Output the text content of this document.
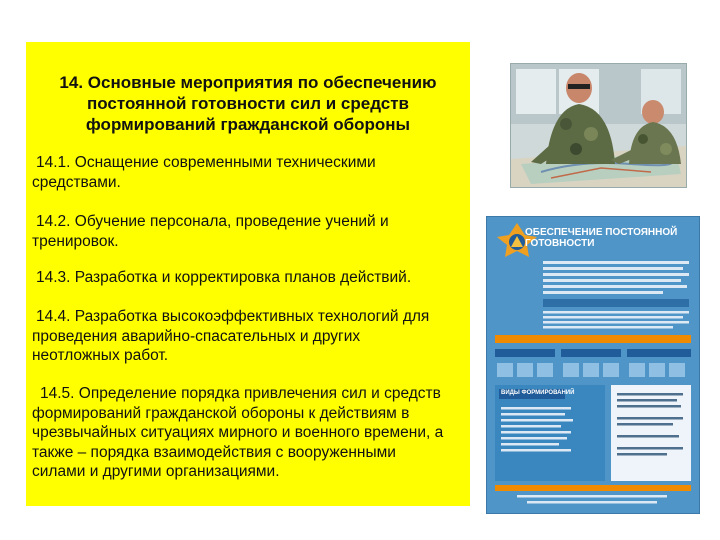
14. Основные мероприятия по обеспечению
постоянной готовности сил и средств
формирований гражданской обороны
14.1. Оснащение современными техническими
средствами.
14.2. Обучение персонала, проведение учений и
тренировок.
14.3. Разработка и корректировка планов действий.
14.4. Разработка высокоэффективных технологий для
проведения аварийно-спасательных и других
неотложных работ.
14.5. Определение порядка привлечения сил и средств
формирований гражданской обороны к действиям в
чрезвычайных ситуациях мирного и военного времени, а
также – порядка взаимодействия с вооруженными
силами и другими организациями.
ОБЕСПЕЧЕНИЕ ПОСТОЯННОЙ
ГОТОВНОСТИ
ВИДЫ ФОРМИРОВАНИЙ
